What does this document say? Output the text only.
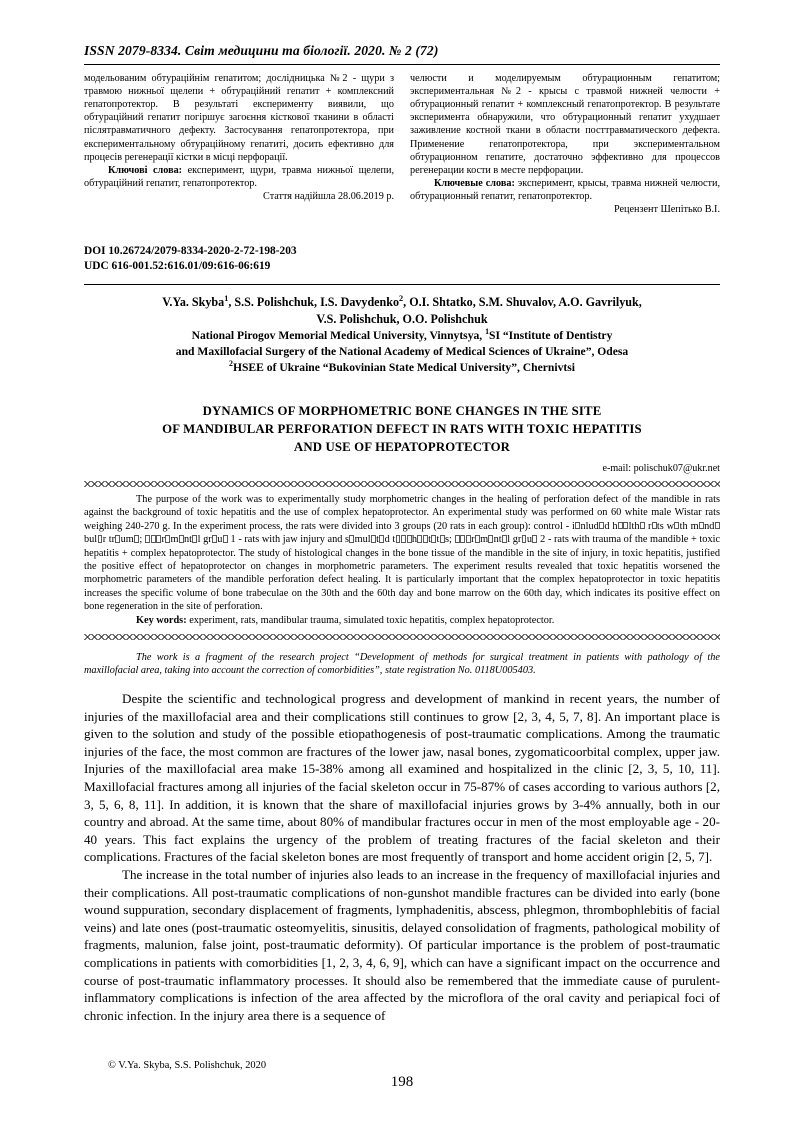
ISSN 2079-8334. Світ медицини та біології. 2020. № 2 (72)

модельованим обтураційнім гепатитом; дослідницька №2 - щури з травмою нижньої щелепи + обтураційний гепатит + комплексний гепатопротектор. В результаті експерименту виявили, що обтураційний гепатит погіршує загоєння кісткової тканини в області післятравматичного дефекту. Застосування гепатопротектора, при експериментальному обтураційному гепатиті, досить ефективно для процесів регенерації кістки в місці перфорації.

Ключові слова: експеримент, щури, травма нижньої щелепи, обтураційний гепатит, гепатопротектор.

Стаття надійшла 28.06.2019 р.

челюсти и моделируемым обтурационным гепатитом; экспериментальная №2 - крысы с травмой нижней челюсти + обтурационный гепатит + комплексный гепатопротектор. В результате эксперимента обнаружили, что обтурационный гепатит ухудшает заживление костной ткани в области посттравматического дефекта. Применение гепатопротектора, при экспериментальном обтурационном гепатите, достаточно эффективно для процессов регенерации кости в месте перфорации.

Ключевые слова: эксперимент, крысы, травма нижней челюсти, обтурационный гепатит, гепатопротектор.

Рецензент Шепітько В.І.

DOI 10.26724/2079-8334-2020-2-72-198-203
UDC 616-001.52:616.01/09:616-06:619
V.Ya. Skyba$^1$, S.S. Polishchuk, I.S. Davydenko$^2$, O.I. Shtatko, S.M. Shuvalov, A.O. Gavrilyuk,
V.S. Polishchuk, O.O. Polishchuk
National Pirogov Memorial Medical University, Vinnytsya, $^1$SI “Institute of Dentistry
and Maxillofacial Surgery of the National Academy of Medical Sciences of Ukraine”, Odesa
$^2$HSEE of Ukraine “Bukovinian State Medical University”, Chernivtsi
DYNAMICS OF MORPHOMETRIC BONE CHANGES IN THE SITE
OF MANDIBULAR PERFORATION DEFECT IN RATS WITH TOXIC HEPATITIS
AND USE OF HEPATOPROTECTOR
e-mail: polischuk07@ukr.net

The purpose of the work was to experimentally study morphometric changes in the healing of perforation defect of the mandible in rats against the background of toxic hepatitis and the use of complex hepatoprotector. An experimental study was performed on 60 white male Wistar rats weighing 240-270 g. In the experiment process, the rats were divided into 3 groups (20 rats in each group): control - i nlud d h lth r ts w th m ndbul r tr um ; r m nt l gr u 1 - rats with jaw injury and s mul t d t h t t s; r m nt l gr u 2 - rats with trauma of the mandible + toxic hepatitis + complex hepatoprotector. The study of histological changes in the bone tissue of the mandible in the site of injury, in toxic hepatitis, justified the positive effect of hepatoprotector on changes in morphometric parameters. The experiment results revealed that toxic hepatitis worsened the morphometric parameters of the mandible perforation defect healing. It is particularly important that the complex hepatoprotector in toxic hepatitis increases the specific volume of bone trabeculae on the 30th and the 60th day and bone marrow on the 60th day, which indicates its positive effect on bone regeneration in the site of perforation.

Key words: experiment, rats, mandibular trauma, simulated toxic hepatitis, complex hepatoprotector.

The work is a fragment of the research project “Development of methods for surgical treatment in patients with pathology of the maxillofacial area, taking into account the correction of comorbidities”, state registration No. 0118U005403.

Despite the scientific and technological progress and development of mankind in recent years, the number of injuries of the maxillofacial area and their complications still continues to grow [2, 3, 4, 5, 7, 8]. An important place is given to the solution and study of the possible etiopathogenesis of post-traumatic complications. Among the traumatic injuries of the face, the most common are fractures of the lower jaw, nasal bones, zygomaticoorbital complex, upper jaw. Injuries of the maxillofacial area make 15-38% among all examined and hospitalized in the clinic [2, 3, 5, 10, 11]. Maxillofacial fractures among all injuries of the facial skeleton occur in 75-87% of cases according to various authors [2, 3, 5, 6, 8, 11]. In addition, it is known that the share of maxillofacial injuries grows by 3-4% annually, both in our country and abroad. At the same time, about 80% of mandibular fractures occur in men of the most employable age - 20-40 years. This fact explains the urgency of the problem of treating fractures of the facial skeleton and their complications. Fractures of the facial skeleton bones are most frequently of transport and home accident origin [2, 5, 7].

The increase in the total number of injuries also leads to an increase in the frequency of maxillofacial injuries and their complications. All post-traumatic complications of non-gunshot mandible fractures can be divided into early (bone wound suppuration, secondary displacement of fragments, lymphadenitis, abscess, phlegmon, thrombophlebitis of facial veins) and late ones (post-traumatic osteomyelitis, sinusitis, delayed consolidation of fragments, pathological mobility of fragments, malunion, false joint, post-traumatic deformity). Of particular importance is the problem of post-traumatic complications in patients with comorbidities [1, 2, 3, 4, 6, 9], which can have a significant impact on the occurrence and course of post-traumatic inflammatory processes. It should also be remembered that the immediate cause of purulent-inflammatory complications is infection of the area affected by the microflora of the oral cavity and periapical foci of chronic infection. In the injury area there is a sequence of

© V.Ya. Skyba, S.S. Polishchuk, 2020
198
